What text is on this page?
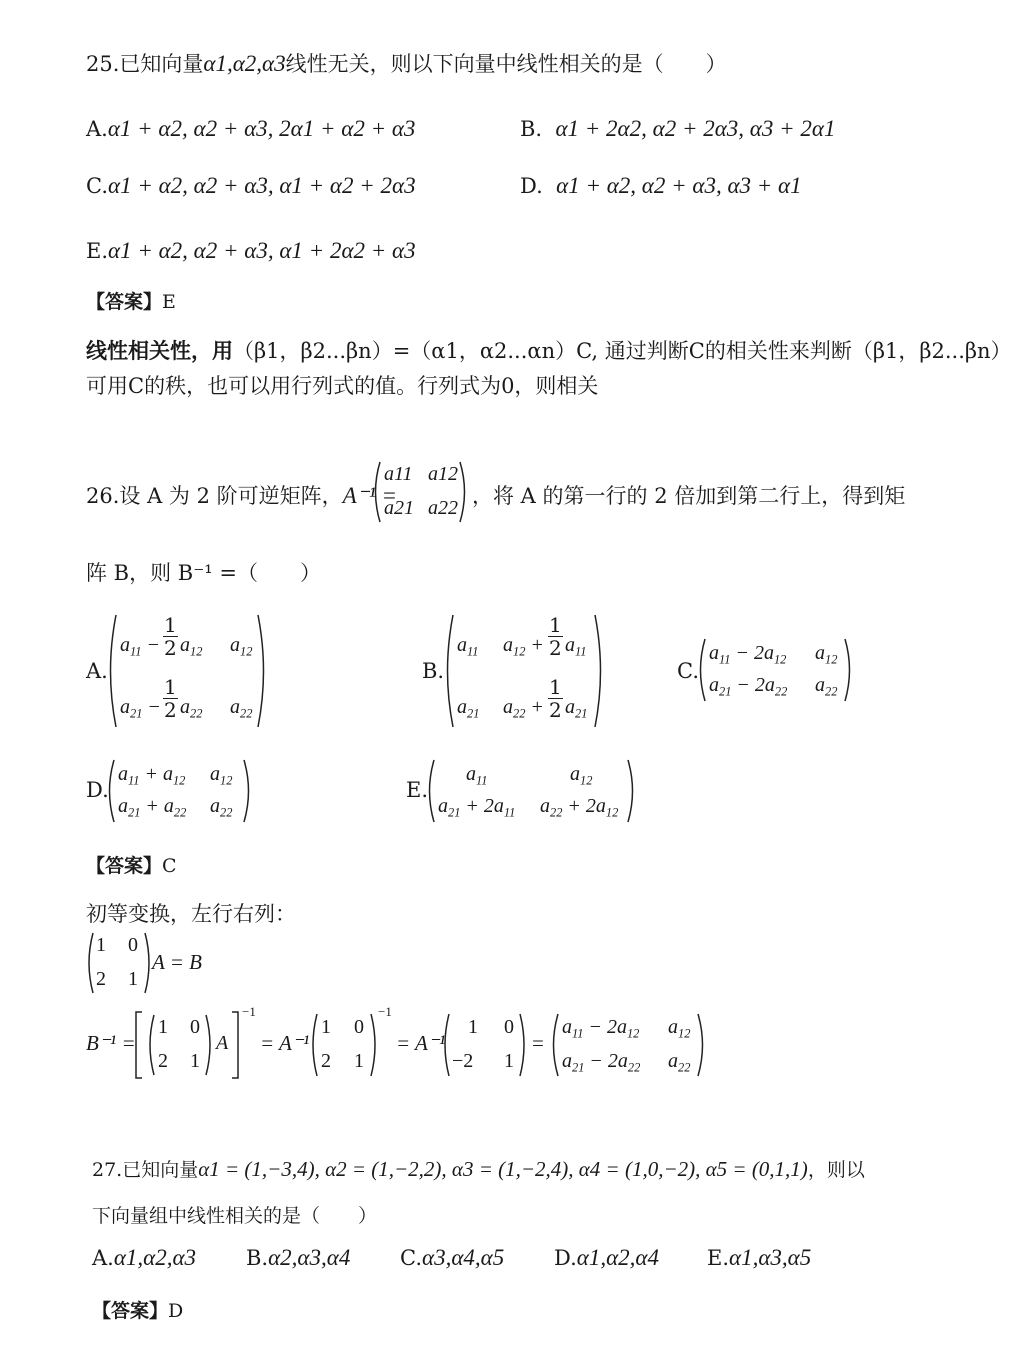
25.已知向量α1,α2,α3线性无关，则以下向量中线性相关的是（　　）
A.α1 + α2, α2 + α3, 2α1 + α2 + α3	B. α1 + 2α2, α2 + 2α3, α3 + 2α1
C.α1 + α2, α2 + α3, α1 + α2 + 2α3	D. α1 + α2, α2 + α3, α3 + α1
E.α1 + α2, α2 + α3, α1 + 2α2 + α3
【答案】E
线性相关性，用（β1，β2...βn）=（α1，α2...αn）C, 通过判断C的相关性来判断（β1，β2...βn）
可用C的秩，也可以用行列式的值。行列式为0，则相关
26.设 A 为 2 阶可逆矩阵，A⁻¹ =
a11 a12
a21 a22 ，将 A 的第一行的 2 倍加到第二行上，得到矩
阵 B，则 B⁻¹ =（　　）
A.
$a_{11} - \frac{1}{2} a_{12}$ $a_{12}$
$a_{21} - \frac{1}{2} a_{22}$ $a_{22}$
B.
$a_{11}$ $a_{12} + \frac{1}{2} a_{11}$
$a_{21}$ $a_{22} + \frac{1}{2} a_{21}$
C.
$a_{11} - 2a_{12}$ $a_{12}$
$a_{21} - 2a_{22}$ $a_{22}$
D.
$a_{11} + a_{12}$ $a_{12}$
$a_{21} + a_{22}$ $a_{22}$
E.
$a_{11}$	$a_{12}$
$a_{21} + 2a_{11}$ $a_{22} + 2a_{12}$
【答案】C
初等变换，左行右列：
1 0
2 1
A = B
B⁻¹ =
1 0
2 1
A
−1
= A⁻¹
1 0
2 1
−1
= A⁻¹
1 0
−2 1
=
$a_{11} - 2a_{12}$ $a_{12}$
$a_{21} - 2a_{22}$ $a_{22}$
27.已知向量α1 = (1,−3,4), α2 = (1,−2,2), α3 = (1,−2,4), α4 = (1,0,−2), α5 = (0,1,1)，则以
下向量组中线性相关的是（　　）
A.α1,α2,α3 B.α2,α3,α4 C.α3,α4,α5 D.α1,α2,α4 E.α1,α3,α5
【答案】D
